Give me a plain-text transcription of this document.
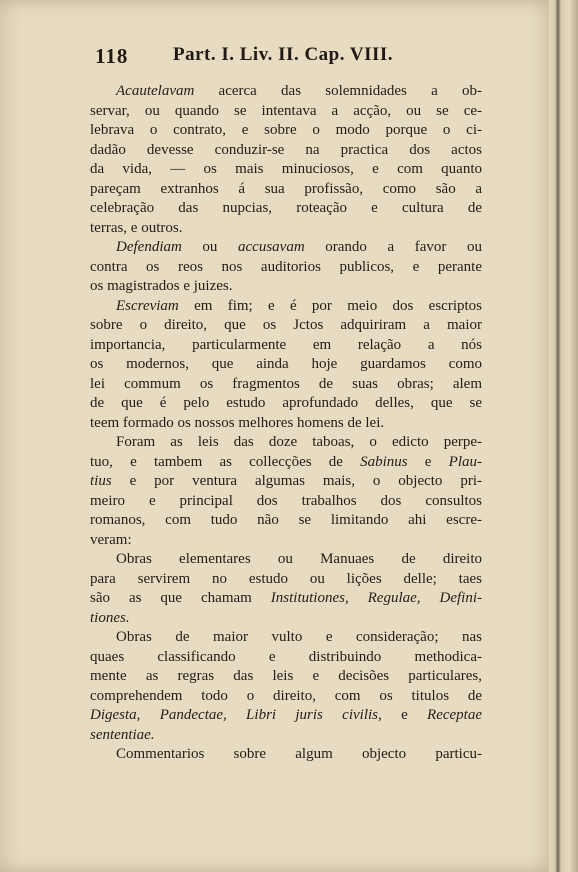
118 Part. I. Liv. II. Cap. VIII.
Acautelavam acerca das solemnidades a ob-
servar, ou quando se intentava a acção, ou se ce-
lebrava o contrato, e sobre o modo porque o ci-
dadão devesse conduzir-se na practica dos actos
da vida, — os mais minuciosos, e com quanto
pareçam extranhos á sua profissão, como são a
celebração das nupcias, roteação e cultura de
terras, e outros.
Defendiam ou accusavam orando a favor ou
contra os reos nos auditorios publicos, e perante
os magistrados e juizes.
Escreviam em fim; e é por meio dos escriptos
sobre o direito, que os Jctos adquiriram a maior
importancia, particularmente em relação a nós
os modernos, que ainda hoje guardamos como
lei commum os fragmentos de suas obras; alem
de que é pelo estudo aprofundado delles, que se
teem formado os nossos melhores homens de lei.
Foram as leis das doze taboas, o edicto perpe-
tuo, e tambem as collecções de Sabinus e Plau-
tius e por ventura algumas mais, o objecto pri-
meiro e principal dos trabalhos dos consultos
romanos, com tudo não se limitando ahi escre-
veram:
Obras elementares ou Manuaes de direito
para servirem no estudo ou lições delle; taes
são as que chamam Institutiones, Regulae, Defini-
tiones.
Obras de maior vulto e consideração; nas
quaes classificando e distribuindo methodica-
mente as regras das leis e decisões particulares,
comprehendem todo o direito, com os titulos de
Digesta, Pandectae, Libri juris civilis, e Receptae
sententiae.
Commentarios sobre algum objecto particu-
